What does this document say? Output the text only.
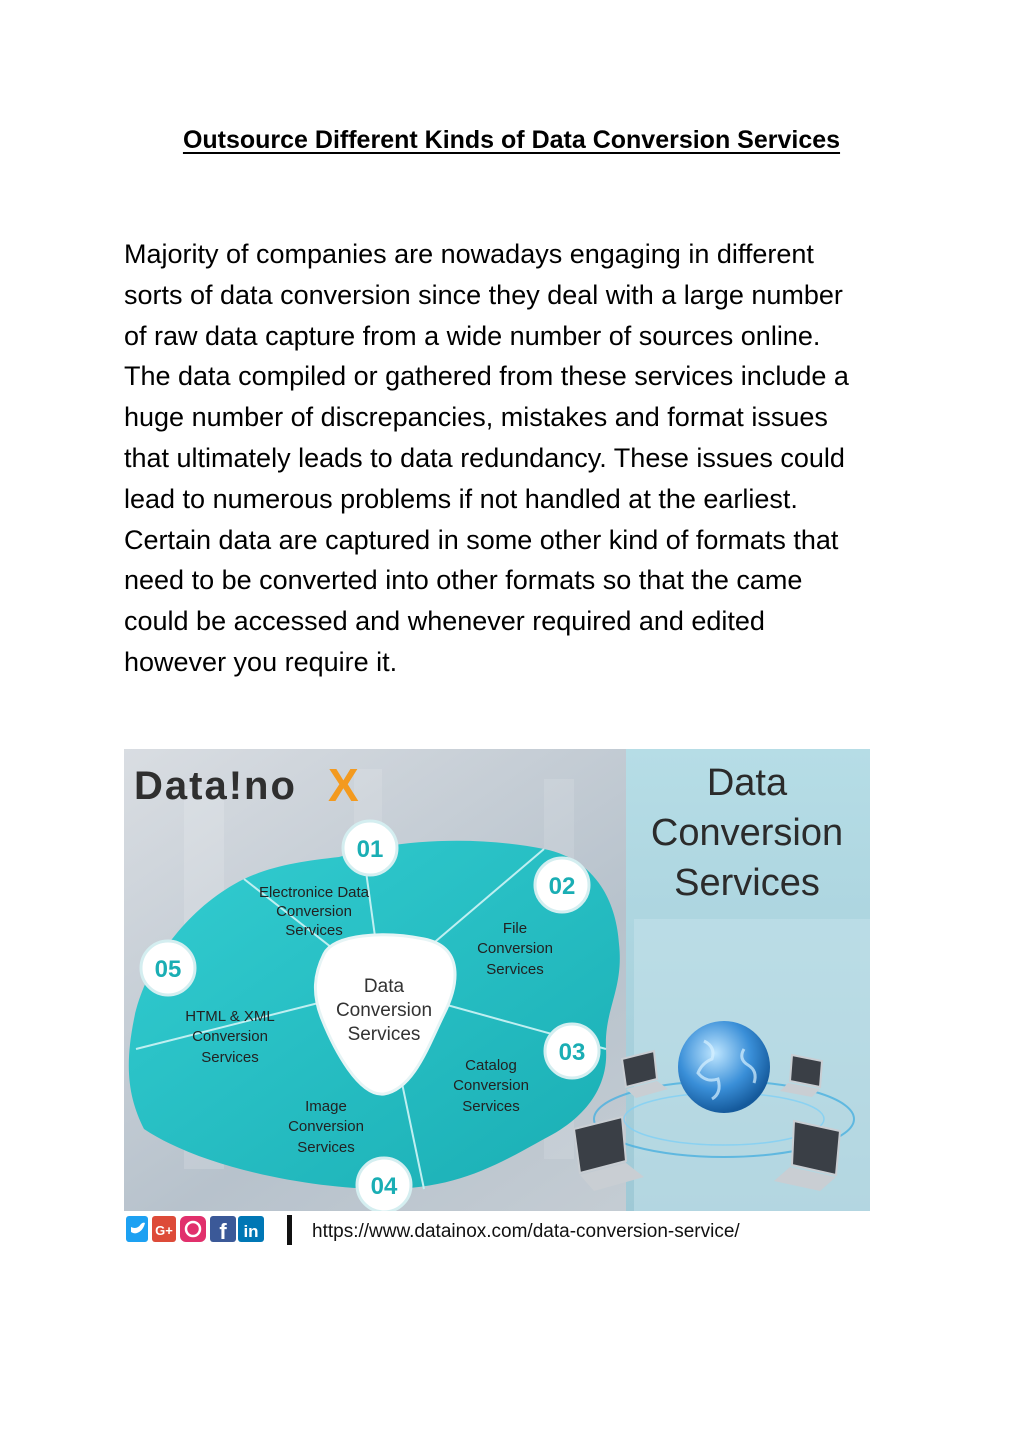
Outsource Different Kinds of Data Conversion Services

Majority of companies are nowadays engaging in different
sorts of data conversion since they deal with a large number
of raw data capture from a wide number of sources online.
The data compiled or gathered from these services include a
huge number of discrepancies, mistakes and format issues
that ultimately leads to data redundancy. These issues could
lead to numerous problems if not handled at the earliest.
Certain data are captured in some other kind of formats that
need to be converted into other formats so that the came
could be accessed and whenever required and edited
however you require it.

Data!no X	Data
Conversion
Services
Data
Conversion
Services
01
Electronice Data
Conversion
Services
02
File
Conversion
Services
03
Catalog
Conversion
Services
04
Image
Conversion
Services
05
HTML & XML
Conversion
Services
G+ f in	https://www.datainox.com/data-conversion-service/
